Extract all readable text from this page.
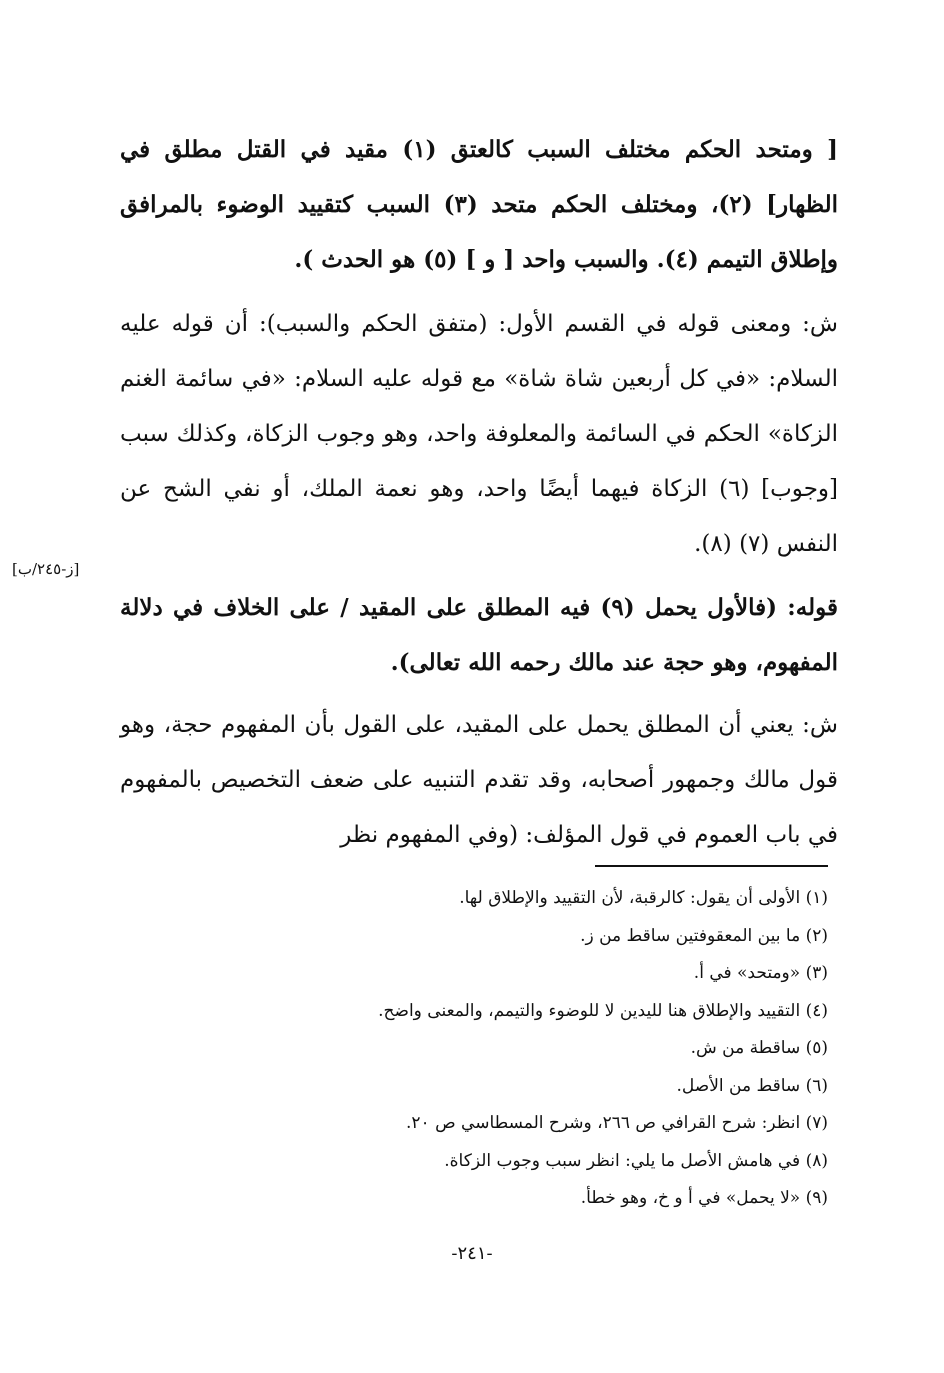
[ ومتحد الحكم مختلف السبب كالعتق (١) مقيد في القتل مطلق في الظهار] (٢)، ومختلف الحكم متحد (٣) السبب كتقييد الوضوء بالمرافق وإطلاق التيمم (٤). والسبب واحد [ و ] (٥) هو الحدث ).

ش: ومعنى قوله في القسم الأول: (متفق الحكم والسبب): أن قوله عليه السلام: «في كل أربعين شاة شاة» مع قوله عليه السلام: «في سائمة الغنم الزكاة» الحكم في السائمة والمعلوفة واحد، وهو وجوب الزكاة، وكذلك سبب [وجوب] (٦) الزكاة فيهما أيضًا واحد، وهو نعمة الملك، أو نفي الشح عن النفس (٧) (٨).

قوله: (فالأول يحمل (٩) فيه المطلق على المقيد / على الخلاف في دلالة المفهوم، وهو حجة عند مالك رحمه الله تعالى).

ش: يعني أن المطلق يحمل على المقيد، على القول بأن المفهوم حجة، وهو قول مالك وجمهور أصحابه، وقد تقدم التنبيه على ضعف التخصيص بالمفهوم في باب العموم في قول المؤلف: (وفي المفهوم نظر

[ز-٢٤٥/ب]
(١) الأولى أن يقول: كالرقبة، لأن التقييد والإطلاق لها.
(٢) ما بين المعقوفتين ساقط من ز.
(٣) «ومتحد» في أ.
(٤) التقييد والإطلاق هنا لليدين لا للوضوء والتيمم، والمعنى واضح.
(٥) ساقطة من ش.
(٦) ساقط من الأصل.
(٧) انظر: شرح القرافي ص ٢٦٦، وشرح المسطاسي ص ٢٠.
(٨) في هامش الأصل ما يلي: انظر سبب وجوب الزكاة.
(٩) «لا يحمل» في أ و خ، وهو خطأ.
-٢٤١-
